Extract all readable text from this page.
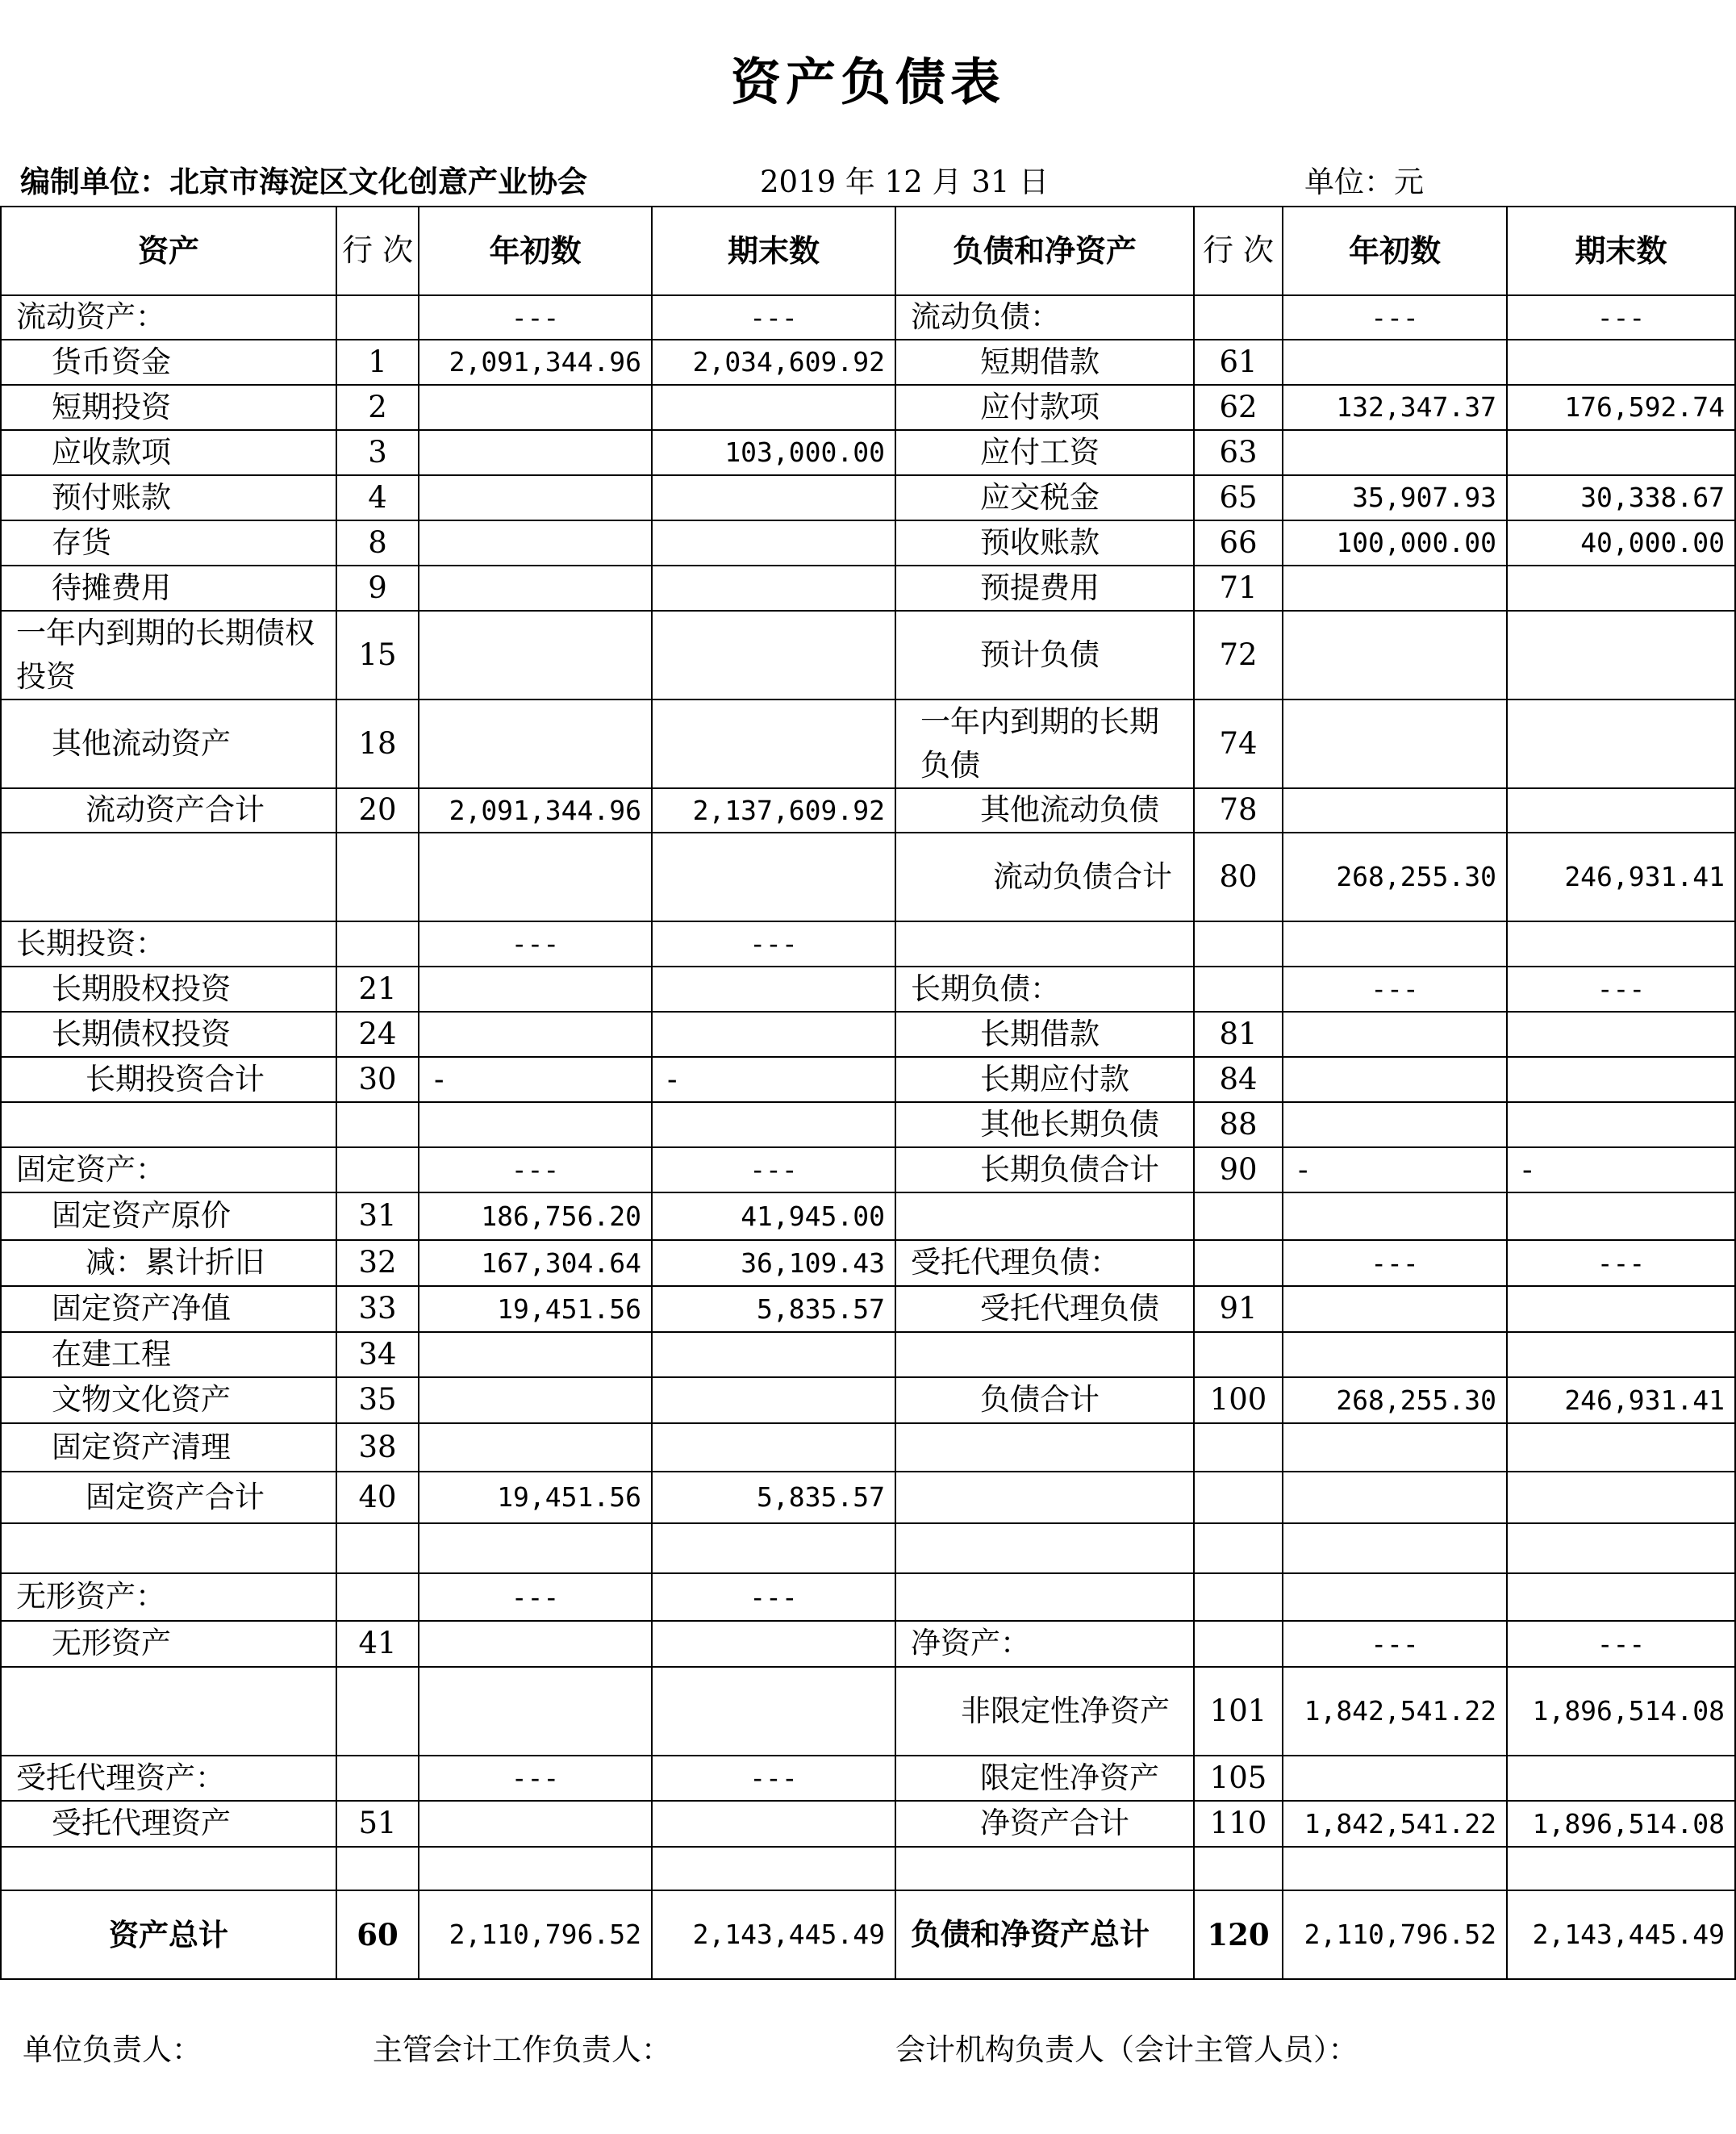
资产负债表
编制单位：北京市海淀区文化创意产业协会	2019 年 12 月 31 日	单位：元
资产	行 次	年初数	期末数	负债和净资产	行 次	年初数	期末数
流动资产：		---	---	流动负债：		---	---
货币资金	1	2,091,344.96	2,034,609.92	短期借款	61		
短期投资	2			应付款项	62	132,347.37	176,592.74
应收款项	3		103,000.00	应付工资	63		
预付账款	4			应交税金	65	35,907.93	30,338.67
存货	8			预收账款	66	100,000.00	40,000.00
待摊费用	9			预提费用	71		
一年内到期的长期债权投资	15			预计负债	72		
其他流动资产	18			一年内到期的长期负债	74		
流动资产合计	20	2,091,344.96	2,137,609.92	其他流动负债	78		
				流动负债合计	80	268,255.30	246,931.41
长期投资：		---	---				
长期股权投资	21			长期负债：		---	---
长期债权投资	24			长期借款	81		
长期投资合计	30	-	-	长期应付款	84		
				其他长期负债	88		
固定资产：		---	---	长期负债合计	90	-	-
固定资产原价	31	186,756.20	41,945.00				
减：累计折旧	32	167,304.64	36,109.43	受托代理负债：		---	---
固定资产净值	33	19,451.56	5,835.57	受托代理负债	91		
在建工程	34						
文物文化资产	35			负债合计	100	268,255.30	246,931.41
固定资产清理	38						
固定资产合计	40	19,451.56	5,835.57				

无形资产：		---	---				
无形资产	41			净资产：		---	---
				非限定性净资产	101	1,842,541.22	1,896,514.08
受托代理资产：		---	---	限定性净资产	105		
受托代理资产	51			净资产合计	110	1,842,541.22	1,896,514.08

资产总计	60	2,110,796.52	2,143,445.49	负债和净资产总计	120	2,110,796.52	2,143,445.49
单位负责人：	主管会计工作负责人：	会计机构负责人（会计主管人员）：
